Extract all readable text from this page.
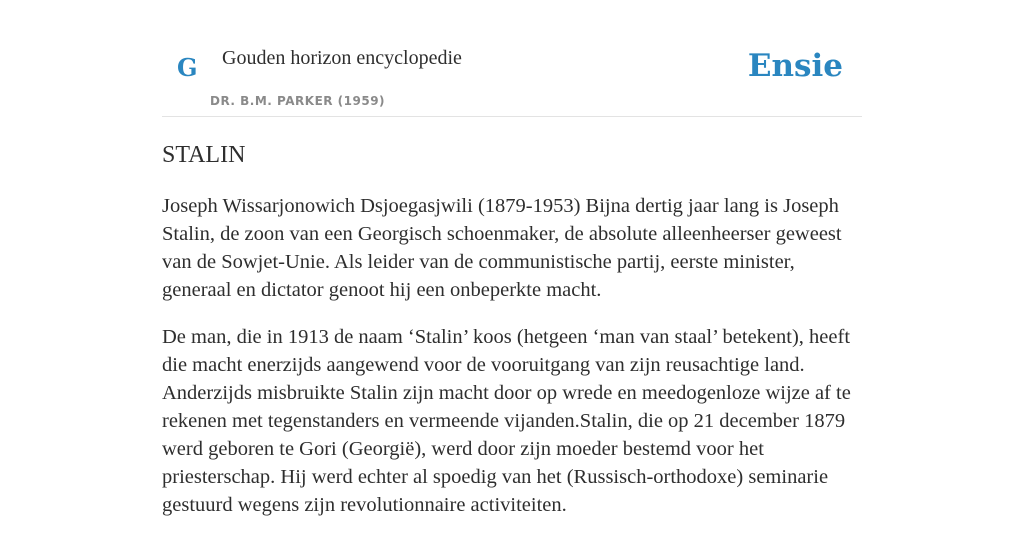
G Gouden horizon encyclopedie
DR. B.M. PARKER (1959)
Ensie
STALIN

Joseph Wissarjonowich Dsjoegasjwili (1879-1953) Bijna dertig jaar lang is Joseph Stalin, de zoon van een Georgisch schoenmaker, de absolute alleenheerser geweest van de Sowjet-Unie. Als leider van de communistische partij, eerste minister, generaal en dictator genoot hij een onbeperkte macht.

De man, die in 1913 de naam ‘Stalin’ koos (hetgeen ‘man van staal’ betekent), heeft die macht enerzijds aangewend voor de vooruitgang van zijn reusachtige land. Anderzijds misbruikte Stalin zijn macht door op wrede en meedogenloze wijze af te rekenen met tegenstanders en vermeende vijanden.Stalin, die op 21 december 1879 werd geboren te Gori (Georgië), werd door zijn moeder bestemd voor het priesterschap. Hij werd echter al spoedig van het (Russisch-orthodoxe) seminarie gestuurd wegens zijn revolutionnaire activiteiten.
